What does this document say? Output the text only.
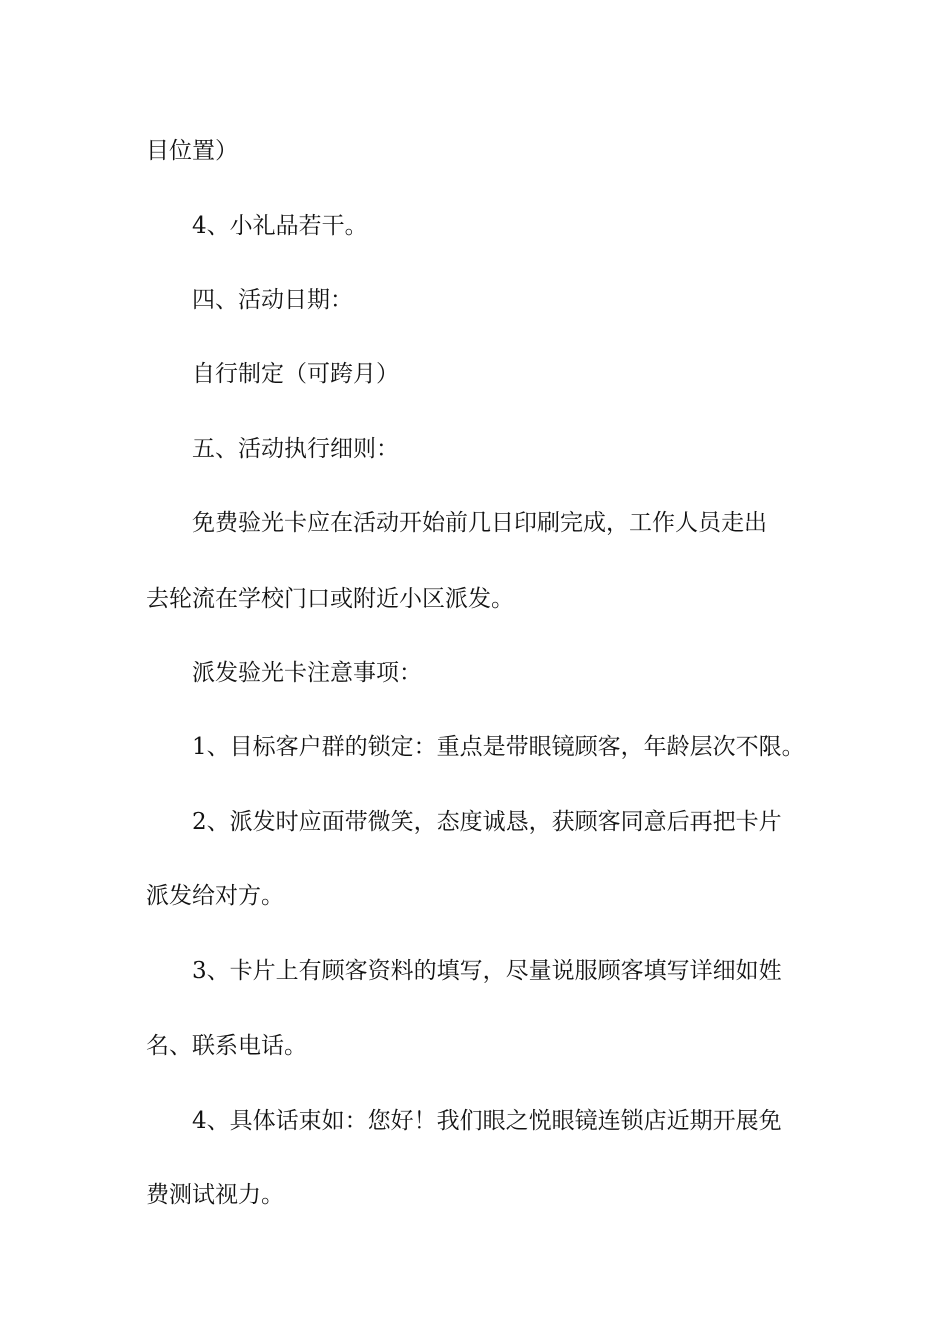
目位置）

4、小礼品若干。

四、活动日期：

自行制定（可跨月）

五、活动执行细则：

免费验光卡应在活动开始前几日印刷完成，工作人员走出

去轮流在学校门口或附近小区派发。

派发验光卡注意事项：

1、目标客户群的锁定：重点是带眼镜顾客，年龄层次不限。

2、派发时应面带微笑，态度诚恳，获顾客同意后再把卡片

派发给对方。

3、卡片上有顾客资料的填写，尽量说服顾客填写详细如姓

名、联系电话。

4、具体话束如：您好！我们眼之悦眼镜连锁店近期开展免

费测试视力。
